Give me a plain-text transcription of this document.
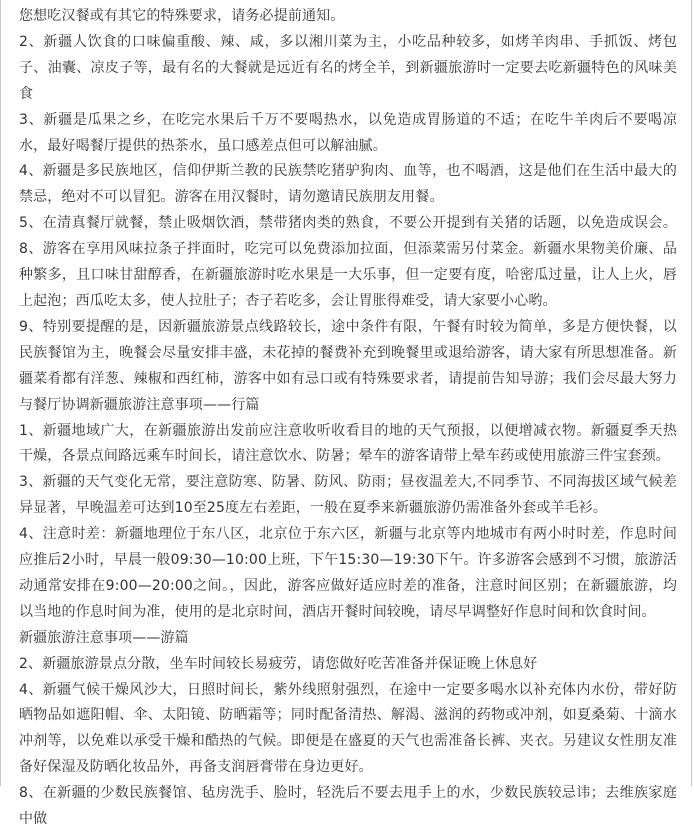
您想吃汉餐或有其它的特殊要求，请务必提前通知。

2、新疆人饮食的口味偏重酸、辣、咸，多以湘川菜为主，小吃品种较多，如烤羊肉串、手抓饭、烤包子、油囊、凉皮子等，最有名的大餐就是远近有名的烤全羊，到新疆旅游时一定要去吃新疆特色的风味美食

3、新疆是瓜果之乡，在吃完水果后千万不要喝热水，以免造成胃肠道的不适；在吃牛羊肉后不要喝凉水，最好喝餐厅提供的热茶水，虽口感差点但可以解油腻。

4、新疆是多民族地区，信仰伊斯兰教的民族禁吃猪驴狗肉、血等，也不喝酒，这是他们在生活中最大的禁忌，绝对不可以冒犯。游客在用汉餐时，请勿邀请民族朋友用餐。

5、在清真餐厅就餐，禁止吸烟饮酒，禁带猪肉类的熟食，不要公开提到有关猪的话题，以免造成误会。8、游客在享用风味拉条子拌面时，吃完可以免费添加拉面，但添菜需另付菜金。新疆水果物美价廉、品种繁多，且口味甘甜醇香，在新疆旅游时吃水果是一大乐事，但一定要有度，哈密瓜过量，让人上火，唇上起泡；西瓜吃太多，使人拉肚子；杏子若吃多，会让胃胀得难受，请大家要小心哟。

9、特别要提醒的是，因新疆旅游景点线路较长，途中条件有限，午餐有时较为简单，多是方便快餐，以民族餐馆为主，晚餐会尽量安排丰盛，未花掉的餐费补充到晚餐里或退给游客，请大家有所思想准备。新疆菜肴都有洋葱、辣椒和西红柿，游客中如有忌口或有特殊要求者，请提前告知导游；我们会尽最大努力与餐厅协调新疆旅游注意事项——行篇

1、新疆地域广大，在新疆旅游出发前应注意收听收看目的地的天气预报，以便增减衣物。新疆夏季天热干燥，各景点间路远乘车时间长，请注意饮水、防暑；晕车的游客请带上晕车药或使用旅游三件宝套颈。

3、新疆的天气变化无常，要注意防寒、防暑、防风、防雨；昼夜温差大,不同季节、不同海拔区域气候差异显著，早晚温差可达到10至25度左右差距，一般在夏季来新疆旅游仍需准备外套或羊毛衫。

4、注意时差：新疆地理位于东八区，北京位于东六区，新疆与北京等内地城市有两小时时差，作息时间应推后2小时，早晨一般09:30—10:00上班，下午15:30—19:30下午。许多游客会感到不习惯，旅游活动通常安排在9:00—20:00之间。，因此，游客应做好适应时差的准备，注意时间区别；在新疆旅游，均以当地的作息时间为准，使用的是北京时间，酒店开餐时间较晚，请尽早调整好作息时间和饮食时间。

新疆旅游注意事项——游篇

2、新疆旅游景点分散，坐车时间较长易疲劳，请您做好吃苦准备并保证晚上休息好

4、新疆气候干燥风沙大，日照时间长，紫外线照射强烈，在途中一定要多喝水以补充体内水份，带好防晒物品如遮阳帽、伞、太阳镜、防晒霜等；同时配备清热、解渴、滋润的药物或冲剂，如夏桑菊、十滴水冲剂等，以免难以承受干燥和酷热的气候。即便是在盛夏的天气也需准备长裤、夹衣。另建议女性朋友准备好保湿及防晒化妆品外，再备支润唇膏带在身边更好。

8、在新疆的少数民族餐馆、毡房洗手、脸时，轻洗后不要去甩手上的水，少数民族较忌讳；去维族家庭中做
